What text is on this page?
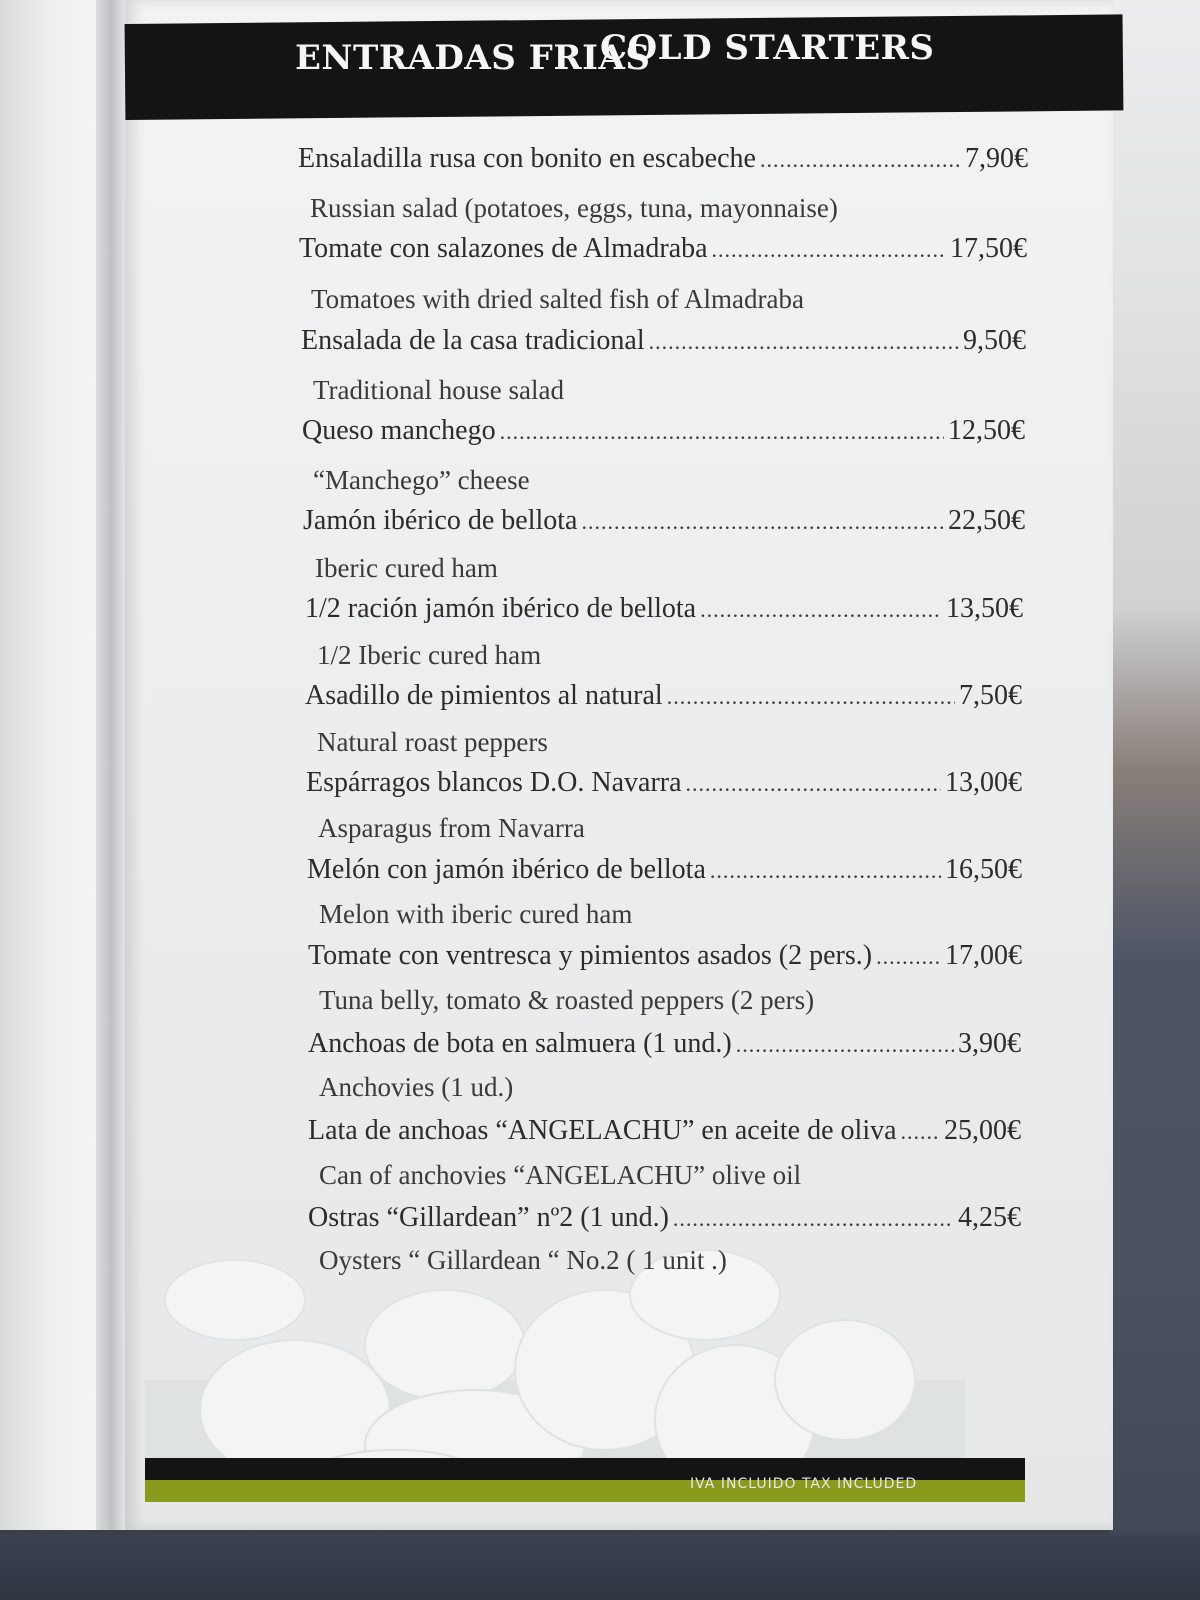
ENTRADAS FRIAS
COLD STARTERS
Ensaladilla rusa con bonito en escabeche .....	7,90€
Russian salad (potatoes, eggs, tuna, mayonnaise)
Tomate con salazones de Almadraba .....	17,50€
Tomatoes with dried salted fish of Almadraba
Ensalada de la casa tradicional .....	9,50€
Traditional house salad
Queso manchego .....	12,50€
“Manchego” cheese
Jamón ibérico de bellota .....	22,50€
Iberic cured ham
1/2 ración jamón ibérico de bellota .....	13,50€
1/2 Iberic cured ham
Asadillo de pimientos al natural .....	7,50€
Natural roast peppers
Espárragos blancos D.O. Navarra .....	13,00€
Asparagus from Navarra
Melón con jamón ibérico de bellota .....	16,50€
Melon with iberic cured ham
Tomate con ventresca y pimientos asados (2 pers.) .....	17,00€
Tuna belly, tomato & roasted peppers (2 pers)
Anchoas de bota en salmuera (1 und.) .....	3,90€
Anchovies (1 ud.)
Lata de anchoas “ANGELACHU” en aceite de oliva ..... 25,00€
Can of anchovies “ANGELACHU” olive oil
Ostras “Gillardean” nº2 (1 und.) .....	4,25€
Oysters “ Gillardean “ No.2 ( 1 unit .)
IVA INCLUIDO TAX INCLUDED
